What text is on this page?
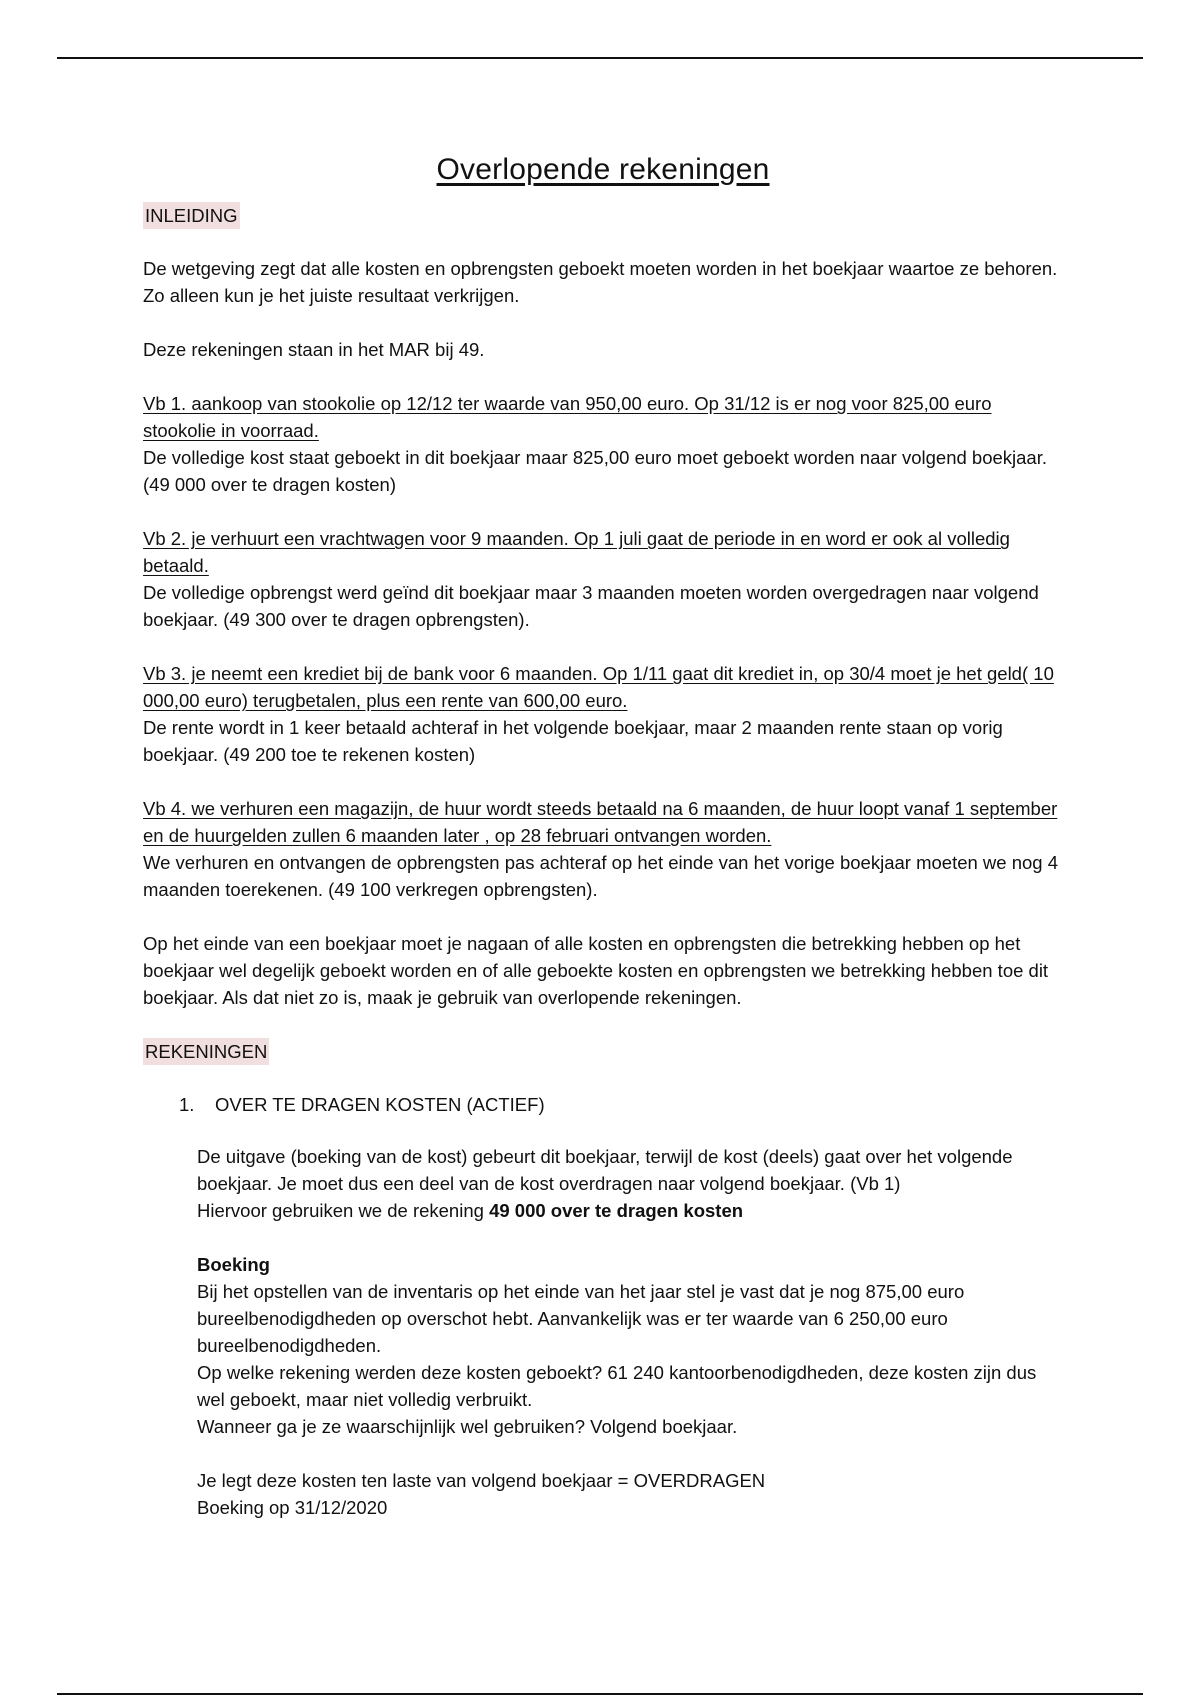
Overlopende rekeningen
INLEIDING

De wetgeving zegt dat alle kosten en opbrengsten geboekt moeten worden in het boekjaar waartoe ze behoren. Zo alleen kun je het juiste resultaat verkrijgen.

Deze rekeningen staan in het MAR bij 49.

Vb 1. aankoop van stookolie op 12/12 ter waarde van 950,00 euro. Op 31/12 is er nog voor 825,00 euro stookolie in voorraad.
De volledige kost staat geboekt in dit boekjaar maar 825,00 euro moet geboekt worden naar volgend boekjaar. (49 000 over te dragen kosten)
Vb 2. je verhuurt een vrachtwagen voor 9 maanden. Op 1 juli gaat de periode in en word er ook al volledig betaald.
De volledige opbrengst werd geïnd dit boekjaar maar 3 maanden moeten worden overgedragen naar volgend boekjaar. (49 300 over te dragen opbrengsten).
Vb 3. je neemt een krediet bij de bank voor 6 maanden. Op 1/11 gaat dit krediet in, op 30/4 moet je het geld( 10 000,00 euro) terugbetalen, plus een rente van 600,00 euro.
De rente wordt in 1 keer betaald achteraf in het volgende boekjaar, maar 2 maanden rente staan op vorig boekjaar. (49 200 toe te rekenen kosten)
Vb 4. we verhuren een magazijn, de huur wordt steeds betaald na 6 maanden, de huur loopt vanaf 1 september en de huurgelden zullen 6 maanden later , op 28 februari ontvangen worden.
We verhuren en ontvangen de opbrengsten pas achteraf op het einde van het vorige boekjaar moeten we nog 4 maanden toerekenen. (49 100 verkregen opbrengsten).

Op het einde van een boekjaar moet je nagaan of alle kosten en opbrengsten die betrekking hebben op het boekjaar wel degelijk geboekt worden en of alle geboekte kosten en opbrengsten we betrekking hebben toe dit boekjaar. Als dat niet zo is, maak je gebruik van overlopende rekeningen.

REKENINGEN
1.	OVER TE DRAGEN KOSTEN (ACTIEF)

De uitgave (boeking van de kost) gebeurt dit boekjaar, terwijl de kost (deels) gaat over het volgende boekjaar. Je moet dus een deel van de kost overdragen naar volgend boekjaar. (Vb 1)
Hiervoor gebruiken we de rekening 49 000 over te dragen kosten

Boeking
Bij het opstellen van de inventaris op het einde van het jaar stel je vast dat je nog 875,00 euro bureelbenodigdheden op overschot hebt. Aanvankelijk was er ter waarde van 6 250,00 euro bureelbenodigdheden.
Op welke rekening werden deze kosten geboekt? 61 240 kantoorbenodigdheden, deze kosten zijn dus wel geboekt, maar niet volledig verbruikt.
Wanneer ga je ze waarschijnlijk wel gebruiken? Volgend boekjaar.

Je legt deze kosten ten laste van volgend boekjaar = OVERDRAGEN
Boeking op 31/12/2020
